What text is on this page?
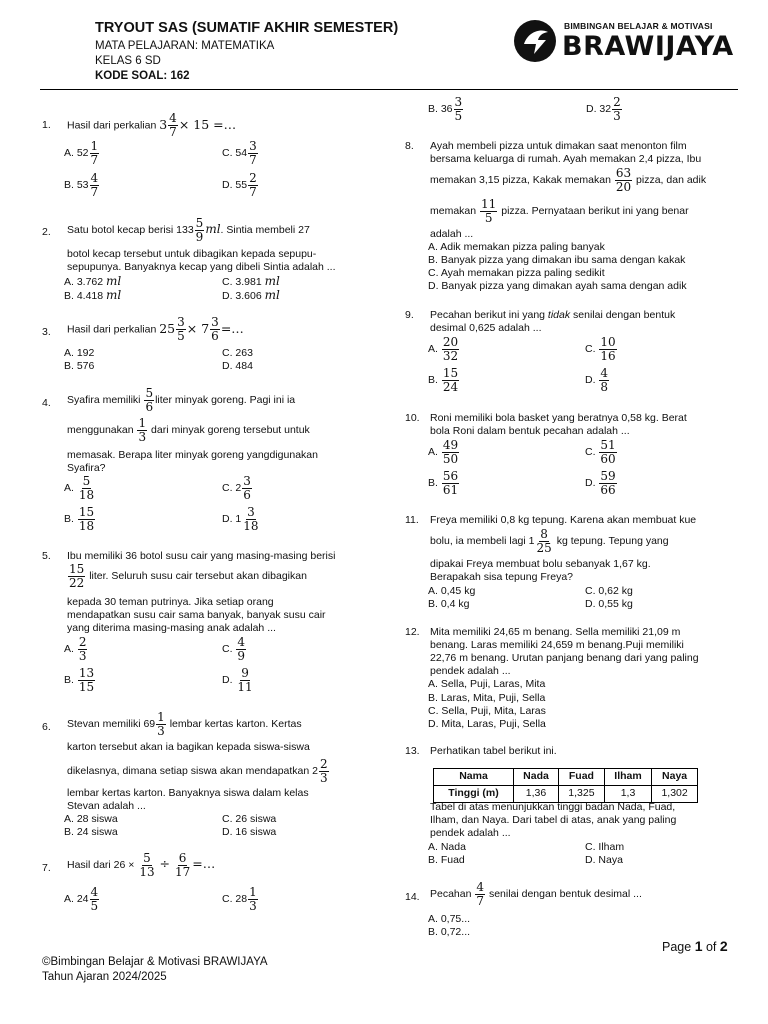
TRYOUT SAS (SUMATIF AKHIR SEMESTER)
MATA PELAJARAN: MATEMATIKA
KELAS 6 SD
KODE SOAL: 162
BIMBINGAN BELAJAR & MOTIVASI
BRAWIJAYA
1. Hasil dari perkalian $3 \frac{4}{7} \times 15$ =…
A. $52 \frac{1}{7}$	C. $54 \frac{3}{7}$
B. $53 \frac{4}{7}$	D. $55 \frac{2}{7}$
2. Satu botol kecap berisi $133 \frac{5}{9}$ ml. Sintia membeli 27
botol kecap tersebut untuk dibagikan kepada sepupu-
sepupunya. Banyaknya kecap yang dibeli Sintia adalah ...
A. 3.762 ml	C. 3.981 ml
B. 4.418 ml	D. 3.606 ml
3. Hasil dari perkalian $25 \frac{3}{5} \times 7 \frac{3}{6}$ =…
A. 192	C. 263
B. 576	D. 484
4. Syafira memiliki $\frac{5}{6}$ liter minyak goreng. Pagi ini ia
menggunakan $\frac{1}{3}$ dari minyak goreng tersebut untuk
memasak. Berapa liter minyak goreng yangdigunakan
Syafira?
A. $\frac{5}{18}$	C. $2 \frac{3}{6}$
B. $\frac{15}{18}$	D. $1 \frac{3}{18}$
5. Ibu memiliki 36 botol susu cair yang masing-masing berisi
$\frac{15}{22}$ liter. Seluruh susu cair tersebut akan dibagikan
kepada 30 teman putrinya. Jika setiap orang
mendapatkan susu cair sama banyak, banyak susu cair
yang diterima masing-masing anak adalah ...
A. $\frac{2}{3}$	C. $\frac{4}{9}$
B. $\frac{13}{15}$	D. $\frac{9}{11}$
6. Stevan memiliki $69 \frac{1}{3}$ lembar kertas karton. Kertas
karton tersebut akan ia bagikan kepada siswa-siswa
dikelasnya, dimana setiap siswa akan mendapatkan $2 \frac{2}{3}$
lembar kertas karton. Banyaknya siswa dalam kelas
Stevan adalah ...
A. 28 siswa	C. 26 siswa
B. 24 siswa	D. 16 siswa
7. Hasil dari $26 \times \frac{5}{13} \div \frac{6}{17}$ =…
A. $24 \frac{4}{5}$	C. $28 \frac{1}{3}$
B. $36 \frac{3}{5}$	D. $32 \frac{2}{3}$
8. Ayah membeli pizza untuk dimakan saat menonton film
bersama keluarga di rumah. Ayah memakan 2,4 pizza, Ibu
memakan 3,15 pizza, Kakak memakan $\frac{63}{20}$ pizza, dan adik
memakan $\frac{11}{5}$ pizza. Pernyataan berikut ini yang benar
adalah ...
A. Adik memakan pizza paling banyak
B. Banyak pizza yang dimakan ibu sama dengan kakak
C. Ayah memakan pizza paling sedikit
D. Banyak pizza yang dimakan ayah sama dengan adik
9. Pecahan berikut ini yang tidak senilai dengan bentuk
desimal 0,625 adalah ...
A. $\frac{20}{32}$	C. $\frac{10}{16}$
B. $\frac{15}{24}$	D. $\frac{4}{8}$
10. Roni memiliki bola basket yang beratnya 0,58 kg. Berat
bola Roni dalam bentuk pecahan adalah ...
A. $\frac{49}{50}$	C. $\frac{51}{60}$
B. $\frac{56}{61}$	D. $\frac{59}{66}$
11. Freya memiliki 0,8 kg tepung. Karena akan membuat kue
bolu, ia membeli lagi $1 \frac{8}{25}$ kg tepung. Tepung yang
dipakai Freya membuat bolu sebanyak 1,67 kg.
Berapakah sisa tepung Freya?
A. 0,45 kg	C. 0,62 kg
B. 0,4 kg	D. 0,55 kg
12. Mita memiliki 24,65 m benang. Sella memiliki 21,09 m
benang. Laras memiliki 24,659 m benang.Puji memiliki
22,76 m benang. Urutan panjang benang dari yang paling
pendek adalah ...
A. Sella, Puji, Laras, Mita
B. Laras, Mita, Puji, Sella
C. Sella, Puji, Mita, Laras
D. Mita, Laras, Puji, Sella
13. Perhatikan tabel berikut ini.
Nama	Nada	Fuad	Ilham	Naya
Tinggi (m)	1,36	1,325	1,3	1,302
Tabel di atas menunjukkan tinggi badan Nada, Fuad,
Ilham, dan Naya. Dari tabel di atas, anak yang paling
pendek adalah ...
A. Nada	C. Ilham
B. Fuad	D. Naya
14. Pecahan $\frac{4}{7}$ senilai dengan bentuk desimal ...
A. 0,75...
B. 0,72...
Page 1 of 2
©Bimbingan Belajar & Motivasi BRAWIJAYA
Tahun Ajaran 2024/2025
